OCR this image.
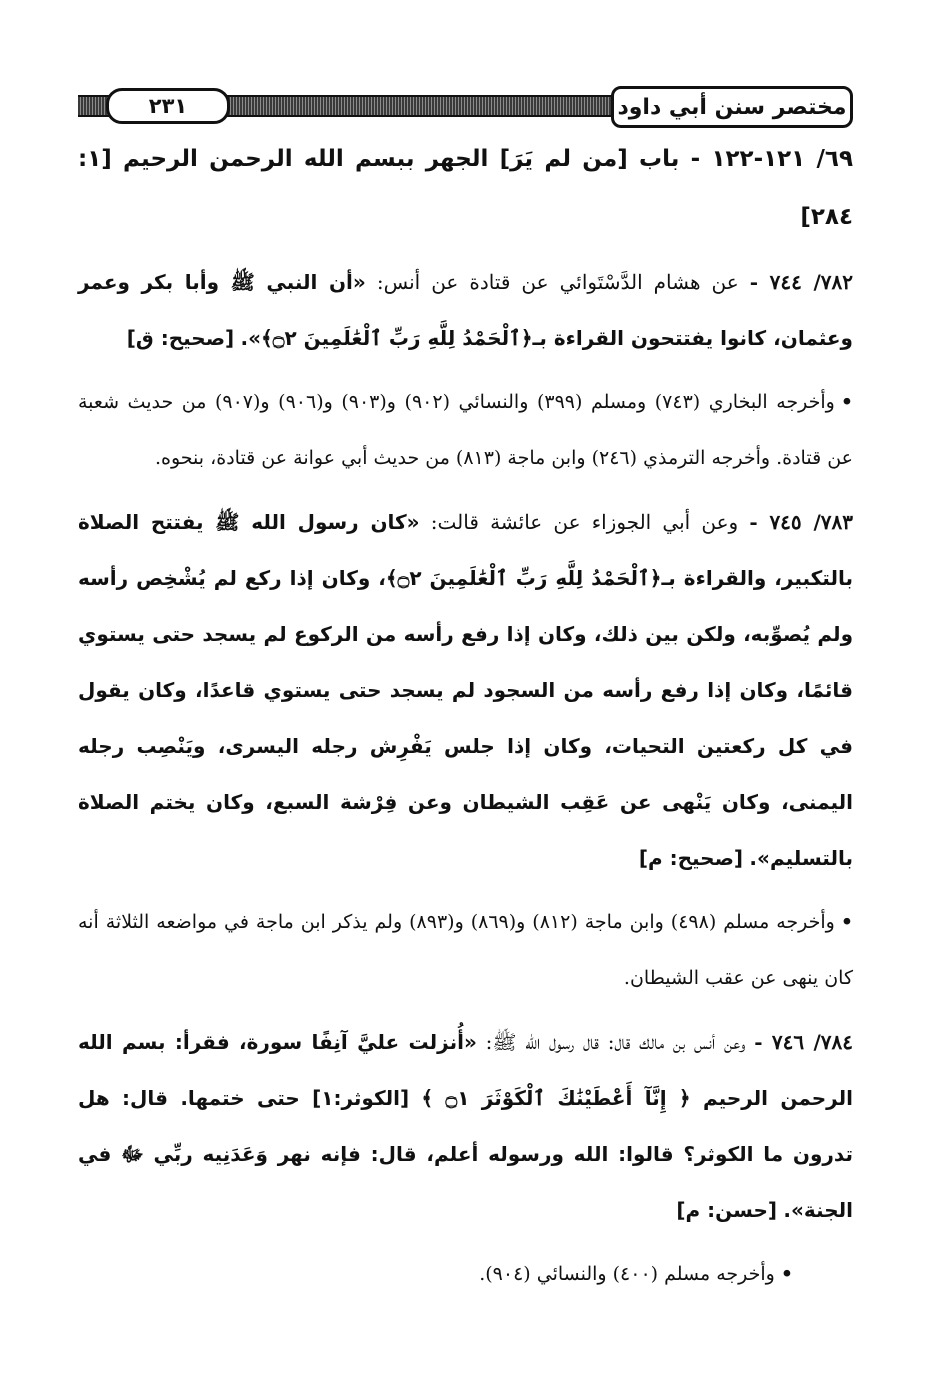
٢٣١	مختصر سنن أبي داود

٦٩/ ١٢١-١٢٢ - باب [من لم يَرَ] الجهر ببسم الله الرحمن الرحيم [١: ٢٨٤]

٧٨٢/ ٧٤٤ - عن هشام الدَّسْتَوائي عن قتادة عن أنس: «أن النبي ﷺ وأبا بكر وعمر وعثمان، كانوا يفتتحون القراءة بـ﴿ٱلْحَمْدُ لِلَّهِ رَبِّ ٱلْعَٰلَمِينَ ۝٢﴾». [صحيح: ق]

•وأخرجه البخاري (٧٤٣) ومسلم (٣٩٩) والنسائي (٩٠٢) و(٩٠٣) و(٩٠٦) و(٩٠٧) من حديث شعبة عن قتادة. وأخرجه الترمذي (٢٤٦) وابن ماجة (٨١٣) من حديث أبي عوانة عن قتادة، بنحوه.

٧٨٣/ ٧٤٥ - وعن أبي الجوزاء عن عائشة قالت: «كان رسول الله ﷺ يفتتح الصلاة بالتكبير، والقراءة بـ﴿ٱلْحَمْدُ لِلَّهِ رَبِّ ٱلْعَٰلَمِينَ ۝٢﴾، وكان إذا ركع لم يُشْخِص رأسه ولم يُصوِّبه، ولكن بين ذلك، وكان إذا رفع رأسه من الركوع لم يسجد حتى يستوي قائمًا، وكان إذا رفع رأسه من السجود لم يسجد حتى يستوي قاعدًا، وكان يقول في كل ركعتين التحيات، وكان إذا جلس يَفْرِش رجله اليسرى، ويَنْصِب رجله اليمنى، وكان يَنْهى عن عَقِب الشيطان وعن فِرْشة السبع، وكان يختم الصلاة بالتسليم». [صحيح: م]

•وأخرجه مسلم (٤٩٨) وابن ماجة (٨١٢) و(٨٦٩) و(٨٩٣) ولم يذكر ابن ماجة في مواضعه الثلاثة أنه كان ينهى عن عقب الشيطان.

٧٨٤/ ٧٤٦ - وعن أنس بن مالك قال: قال رسول الله ﷺ: «أُنزلت عليَّ آنِفًا سورة، فقرأ: بسم الله الرحمن الرحيم ﴿ إِنَّآ أَعْطَيْنَٰكَ ٱلْكَوْثَرَ ۝١ ﴾ [الكوثر:١] حتى ختمها. قال: هل تدرون ما الكوثر؟ قالوا: الله ورسوله أعلم، قال: فإنه نهر وَعَدَنِيه ربِّي ﷻ في الجنة». [حسن: م]

•وأخرجه مسلم (٤٠٠) والنسائي (٩٠٤).
